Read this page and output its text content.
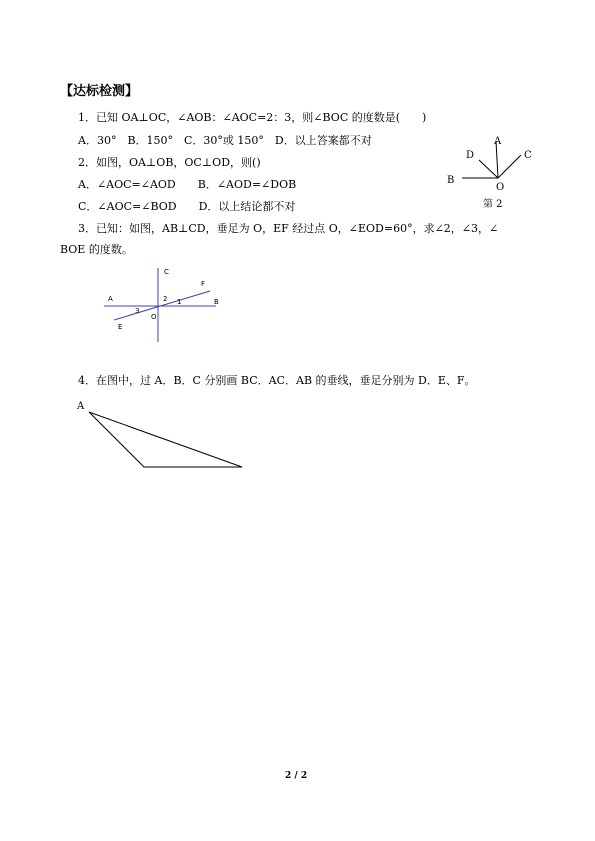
【达标检测】
1．已知 OA⊥OC，∠AOB：∠AOC=2：3，则∠BOC 的度数是(　　)
A．30°　B．150°　C．30°或 150°　D．以上答案都不对
2．如图，OA⊥OB，OC⊥OD，则()
A．∠AOC=∠AOD　　B．∠AOD=∠DOB
C．∠AOC=∠BOD　　D．以上结论都不对
A
D	C
B
O
第 2
3．已知：如图，AB⊥CD，垂足为 O，EF 经过点 O，∠EOD=60°，求∠2，∠3，∠
BOE 的度数。
C
A	B
F
E
O
2 1
3
4．在图中，过 A．B．C 分别画 BC．AC．AB 的垂线，垂足分别为 D．E、F。
A
2 / 2
